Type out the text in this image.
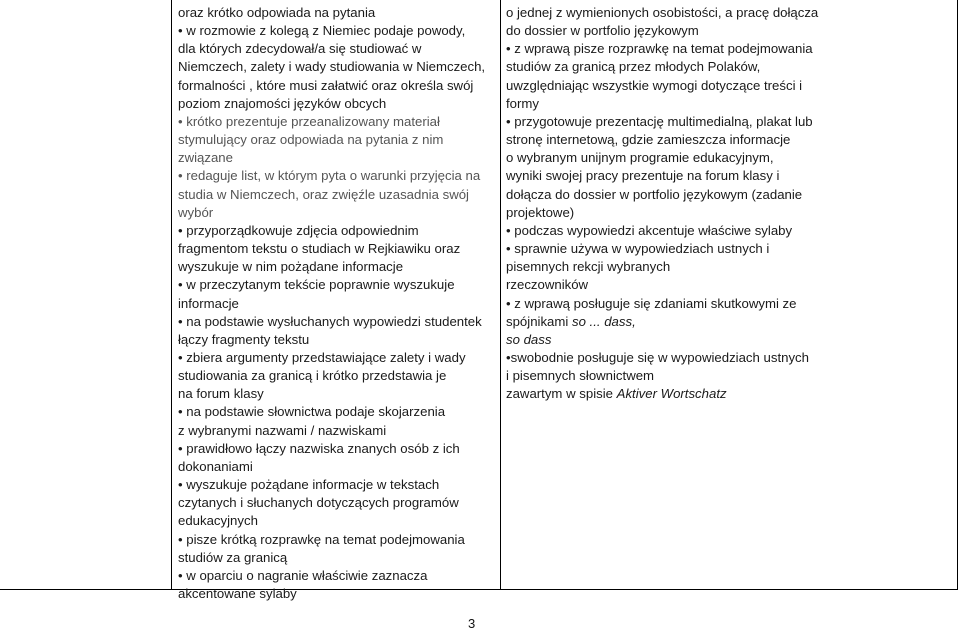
oraz krótko odpowiada na pytania

• w rozmowie z kolegą z Niemiec podaje powody,

dla których zdecydował/a się studiować w

Niemczech, zalety i wady studiowania w Niemczech,

formalności , które musi załatwić oraz określa swój

poziom znajomości języków obcych

• krótko prezentuje przeanalizowany materiał

stymulujący oraz odpowiada na pytania z nim

związane

• redaguje list, w którym pyta o warunki przyjęcia na

studia w Niemczech, oraz zwięźle uzasadnia swój

wybór

• przyporządkowuje zdjęcia odpowiednim

fragmentom tekstu o studiach w Rejkiawiku oraz

wyszukuje w nim pożądane informacje

• w przeczytanym tekście poprawnie wyszukuje

informacje

• na podstawie wysłuchanych wypowiedzi studentek

łączy fragmenty tekstu

• zbiera argumenty przedstawiające zalety i wady

studiowania za granicą i krótko przedstawia je

na forum klasy

• na podstawie słownictwa podaje skojarzenia

z wybranymi nazwami / nazwiskami

• prawidłowo łączy nazwiska znanych osób z ich

dokonaniami

• wyszukuje pożądane informacje w tekstach

czytanych i słuchanych dotyczących programów

edukacyjnych

• pisze krótką rozprawkę na temat podejmowania

studiów za granicą

• w oparciu o nagranie właściwie zaznacza

akcentowane sylaby

o jednej z wymienionych osobistości, a pracę dołącza

do dossier w portfolio językowym

• z wprawą pisze rozprawkę na temat podejmowania

studiów za granicą przez młodych Polaków,

uwzględniając wszystkie wymogi dotyczące treści i

formy

• przygotowuje prezentację multimedialną, plakat lub

stronę internetową, gdzie zamieszcza informacje

o wybranym unijnym programie edukacyjnym,

wyniki swojej pracy prezentuje na forum klasy i

dołącza do dossier w portfolio językowym (zadanie

projektowe)

• podczas wypowiedzi akcentuje właściwe sylaby

• sprawnie używa w wypowiedziach ustnych i

pisemnych rekcji wybranych

rzeczowników

• z wprawą posługuje się zdaniami skutkowymi ze

spójnikami so ... dass,

so dass

•swobodnie posługuje się w wypowiedziach ustnych

i pisemnych słownictwem

zawartym w spisie Aktiver Wortschatz

3
